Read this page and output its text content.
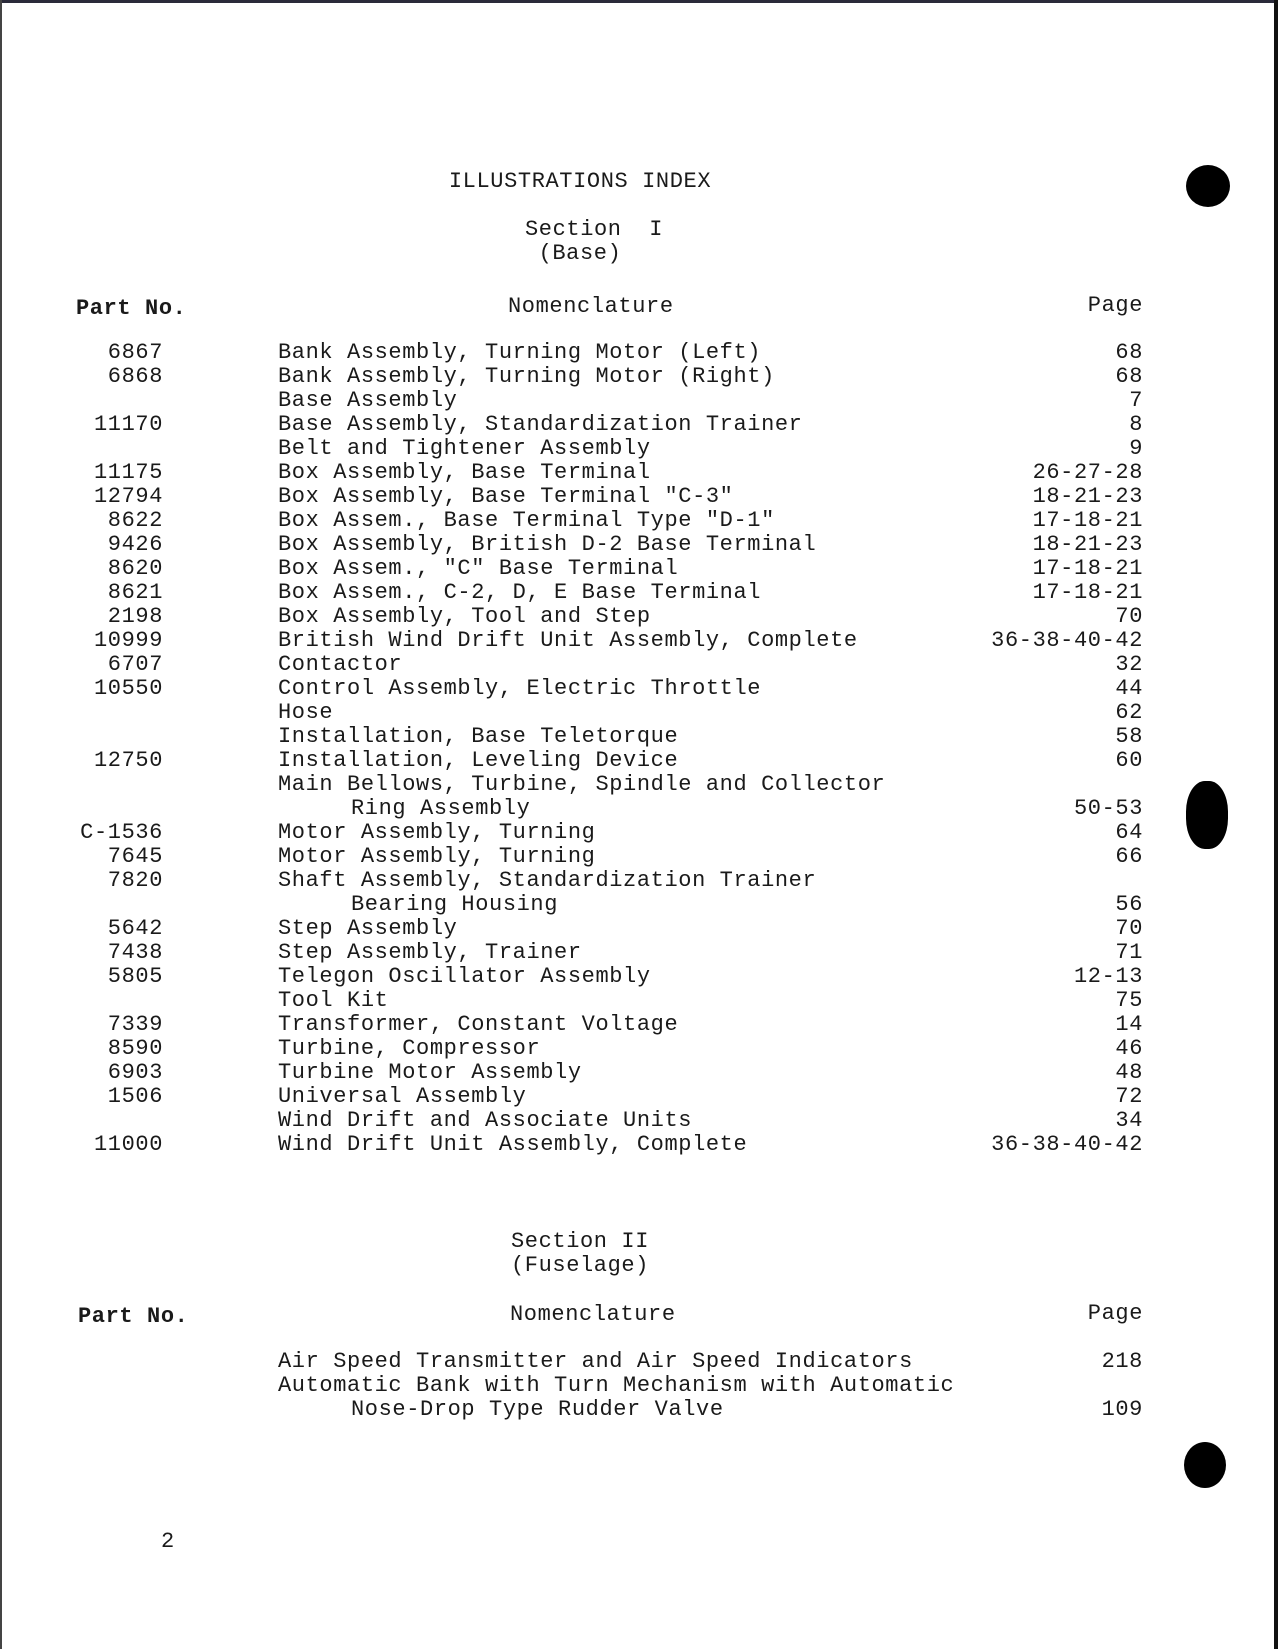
ILLUSTRATIONS INDEX
Section  I
(Base)
Part No.	Nomenclature	Page
6867	Bank Assembly, Turning Motor (Left)	68
6868	Bank Assembly, Turning Motor (Right)	68
Base Assembly	7
11170	Base Assembly, Standardization Trainer	8
Belt and Tightener Assembly	9
11175	Box Assembly, Base Terminal	26-27-28
12794	Box Assembly, Base Terminal "C-3"	18-21-23
8622	Box Assem., Base Terminal Type "D-1"	17-18-21
9426	Box Assembly, British D-2 Base Terminal	18-21-23
8620	Box Assem., "C" Base Terminal	17-18-21
8621	Box Assem., C-2, D, E Base Terminal	17-18-21
2198	Box Assembly, Tool and Step	70
10999	British Wind Drift Unit Assembly, Complete	36-38-40-42
6707	Contactor	32
10550	Control Assembly, Electric Throttle	44
Hose	62
Installation, Base Teletorque	58
12750	Installation, Leveling Device	60
Main Bellows, Turbine, Spindle and Collector
Ring Assembly	50-53
C-1536	Motor Assembly, Turning	64
7645	Motor Assembly, Turning	66
7820	Shaft Assembly, Standardization Trainer
Bearing Housing	56
5642	Step Assembly	70
7438	Step Assembly, Trainer	71
5805	Telegon Oscillator Assembly	12-13
Tool Kit	75
7339	Transformer, Constant Voltage	14
8590	Turbine, Compressor	46
6903	Turbine Motor Assembly	48
1506	Universal Assembly	72
Wind Drift and Associate Units	34
11000	Wind Drift Unit Assembly, Complete	36-38-40-42
Section II
(Fuselage)
Part No.	Nomenclature	Page
Air Speed Transmitter and Air Speed Indicators	218
Automatic Bank with Turn Mechanism with Automatic
Nose-Drop Type Rudder Valve	109
2
